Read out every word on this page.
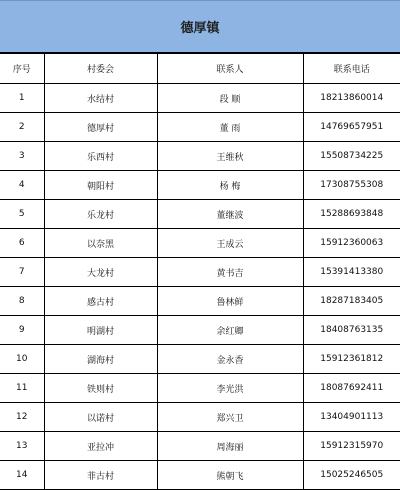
德厚镇
序号	村委会	联系人	联系电话
1	水结村	段 顺	18213860014
2	德厚村	董 雨	14769657951
3	乐西村	王维秋	15508734225
4	朝阳村	杨 梅	17308755308
5	乐龙村	董继波	15288693848
6	以奈黑	王成云	15912360063
7	大龙村	黄书吉	15391413380
8	感古村	鲁林鲜	18287183405
9	明湖村	余红卿	18408763135
10	湖海村	金永香	15912361812
11	铁则村	李光洪	18087692411
12	以诺村	郑兴卫	13404901113
13	亚拉冲	周海丽	15912315970
14	菲古村	熊朝飞	15025246505
